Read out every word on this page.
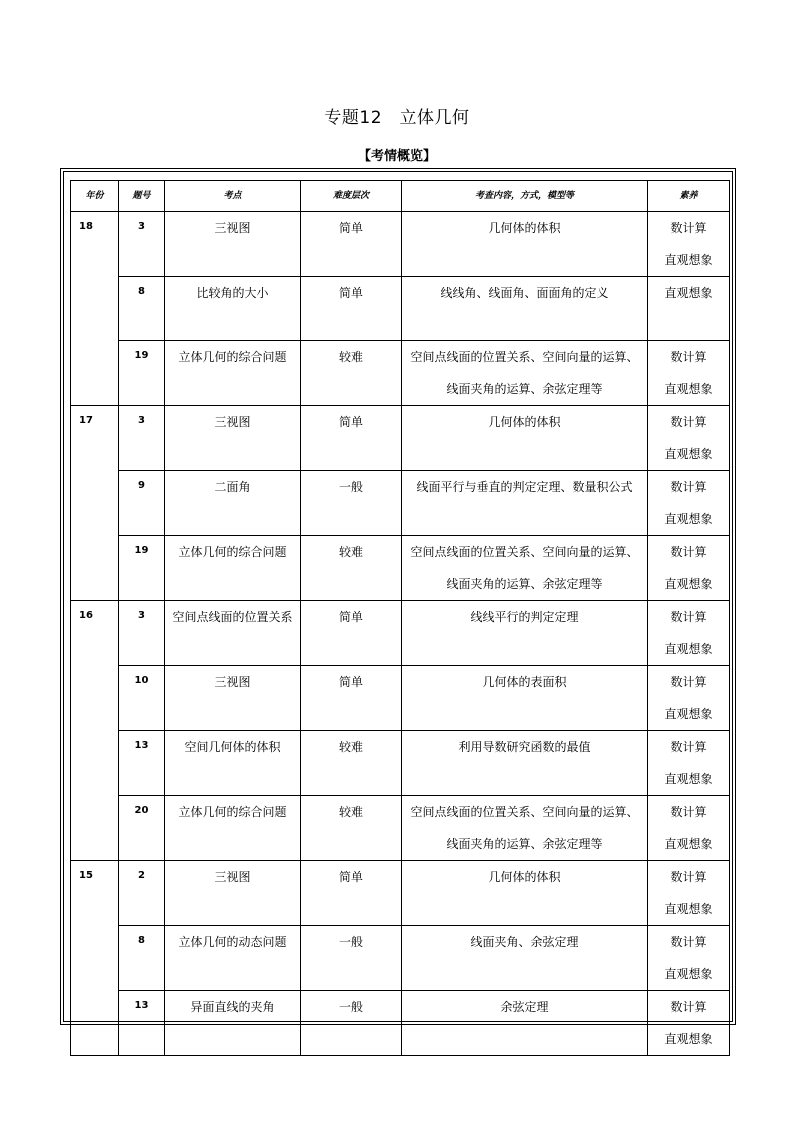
专题12　立体几何
【考情概览】
年份	题号	考点	难度层次	考查内容，方式，模型等	素养
18	3	三视图	简单	几何体的体积	数计算
直观想象

	8	比较角的大小	简单	线线角、线面角、面面角的定义	直观想象

	19	立体几何的综合问题	较难	空间点线面的位置关系、空间向量的运算、
线面夹角的运算、余弦定理等	数计算
直观想象

17	3	三视图	简单	几何体的体积	数计算
直观想象

	9	二面角	一般	线面平行与垂直的判定定理、数量积公式	数计算
直观想象

	19	立体几何的综合问题	较难	空间点线面的位置关系、空间向量的运算、
线面夹角的运算、余弦定理等	数计算
直观想象

16	3	空间点线面的位置关系	简单	线线平行的判定定理	数计算
直观想象

	10	三视图	简单	几何体的表面积	数计算
直观想象

	13	空间几何体的体积	较难	利用导数研究函数的最值	数计算
直观想象

	20	立体几何的综合问题	较难	空间点线面的位置关系、空间向量的运算、
线面夹角的运算、余弦定理等	数计算
直观想象

15	2	三视图	简单	几何体的体积	数计算
直观想象

	8	立体几何的动态问题	一般	线面夹角、余弦定理	数计算
直观想象

	13	异面直线的夹角	一般	余弦定理	数计算
直观想象
